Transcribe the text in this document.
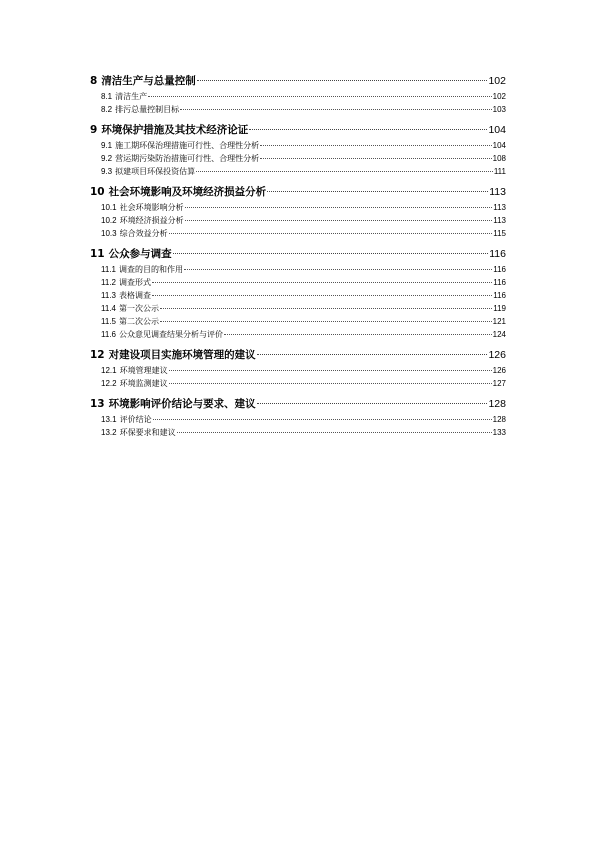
8 清洁生产与总量控制	102
8.1 清洁生产	102
8.2 排污总量控制目标	103
9 环境保护措施及其技术经济论证	104
9.1 施工期环保治理措施可行性、合理性分析	104
9.2 营运期污染防治措施可行性、合理性分析	108
9.3 拟建项目环保投资估算	111
10 社会环境影响及环境经济损益分析	113
10.1 社会环境影响分析	113
10.2 环境经济损益分析	113
10.3 综合效益分析	115
11 公众参与调查	116
11.1 调查的目的和作用	116
11.2 调查形式	116
11.3 表格调查	116
11.4 第一次公示	119
11.5 第二次公示	121
11.6 公众意见调查结果分析与评价	124
12 对建设项目实施环境管理的建议	126
12.1 环境管理建议	126
12.2 环境监测建议	127
13 环境影响评价结论与要求、建议	128
13.1 评价结论	128
13.2 环保要求和建议	133
